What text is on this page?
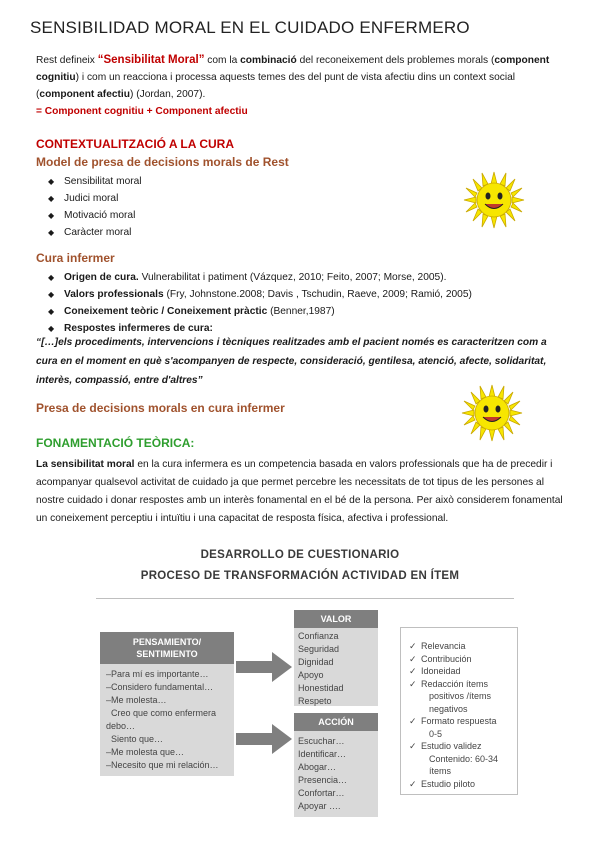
SENSIBILIDAD MORAL EN EL CUIDADO ENFERMERO
Rest defineix “Sensibilitat Moral” com la combinació del reconeixement dels problemes morals (component cognitiu) i com un reacciona i processa aquests temes des del punt de vista afectiu dins un context social (component afectiu) (Jordan, 2007).
= Component cognitiu + Component afectiu
CONTEXTUALITZACIÓ A LA CURA
Model de presa de decisions morals de Rest
◆ Sensibilitat moral
◆ Judici moral
◆ Motivació moral
◆ Caràcter moral
Cura infermer
◆ Origen de cura. Vulnerabilitat i patiment (Vázquez, 2010; Feito, 2007; Morse, 2005).
◆ Valors professionals (Fry, Johnstone.2008; Davis , Tschudin, Raeve, 2009; Ramió, 2005)
◆ Coneixement teòric / Coneixement pràctic (Benner,1987)
◆ Respostes infermeres de cura:
“[…]els procediments, intervencions i tècniques realitzades amb el pacient només es caracteritzen com a cura en el moment en què s'acompanyen de respecte, consideració, gentilesa, atenció, afecte, solidaritat, interès, compassió, entre d'altres”
Presa de decisions morals en cura infermer
FONAMENTACIÓ TEÒRICA:
La sensibilitat moral en la cura infermera es un competencia basada en valors professionals que ha de precedir i acompanyar qualsevol activitat de cuidado ja que permet percebre les necessitats de tot tipus de les persones al nostre cuidado i donar respostes amb un interès fonamental en el bé de la persona. Per això considerem fonamental un coneixement perceptiu i intuïtiu i una capacitat de resposta física, afectiva i professional.
DESARROLLO DE CUESTIONARIO
PROCESO DE TRANSFORMACIÓN ACTIVIDAD EN ÍTEM
PENSAMIENTO/
SENTIMIENTO
–Para mí es importante…
–Considero fundamental…
–Me molesta…
Creo que como enfermera
debo…
Siento que…
–Me molesta que…
–Necesito que mi relación…
VALOR
Confianza
Seguridad
Dignidad
Apoyo
Honestidad
Respeto
ACCIÓN
Escuchar…
Identificar…
Abogar…
Presencia…
Confortar…
Apoyar ….
✓ Relevancia
✓ Contribución
✓ Idoneidad
✓ Redacción ítems
positivos /ítems
negativos
✓ Formato respuesta
0-5
✓ Estudio validez
Contenido: 60-34
ítems
✓ Estudio piloto
